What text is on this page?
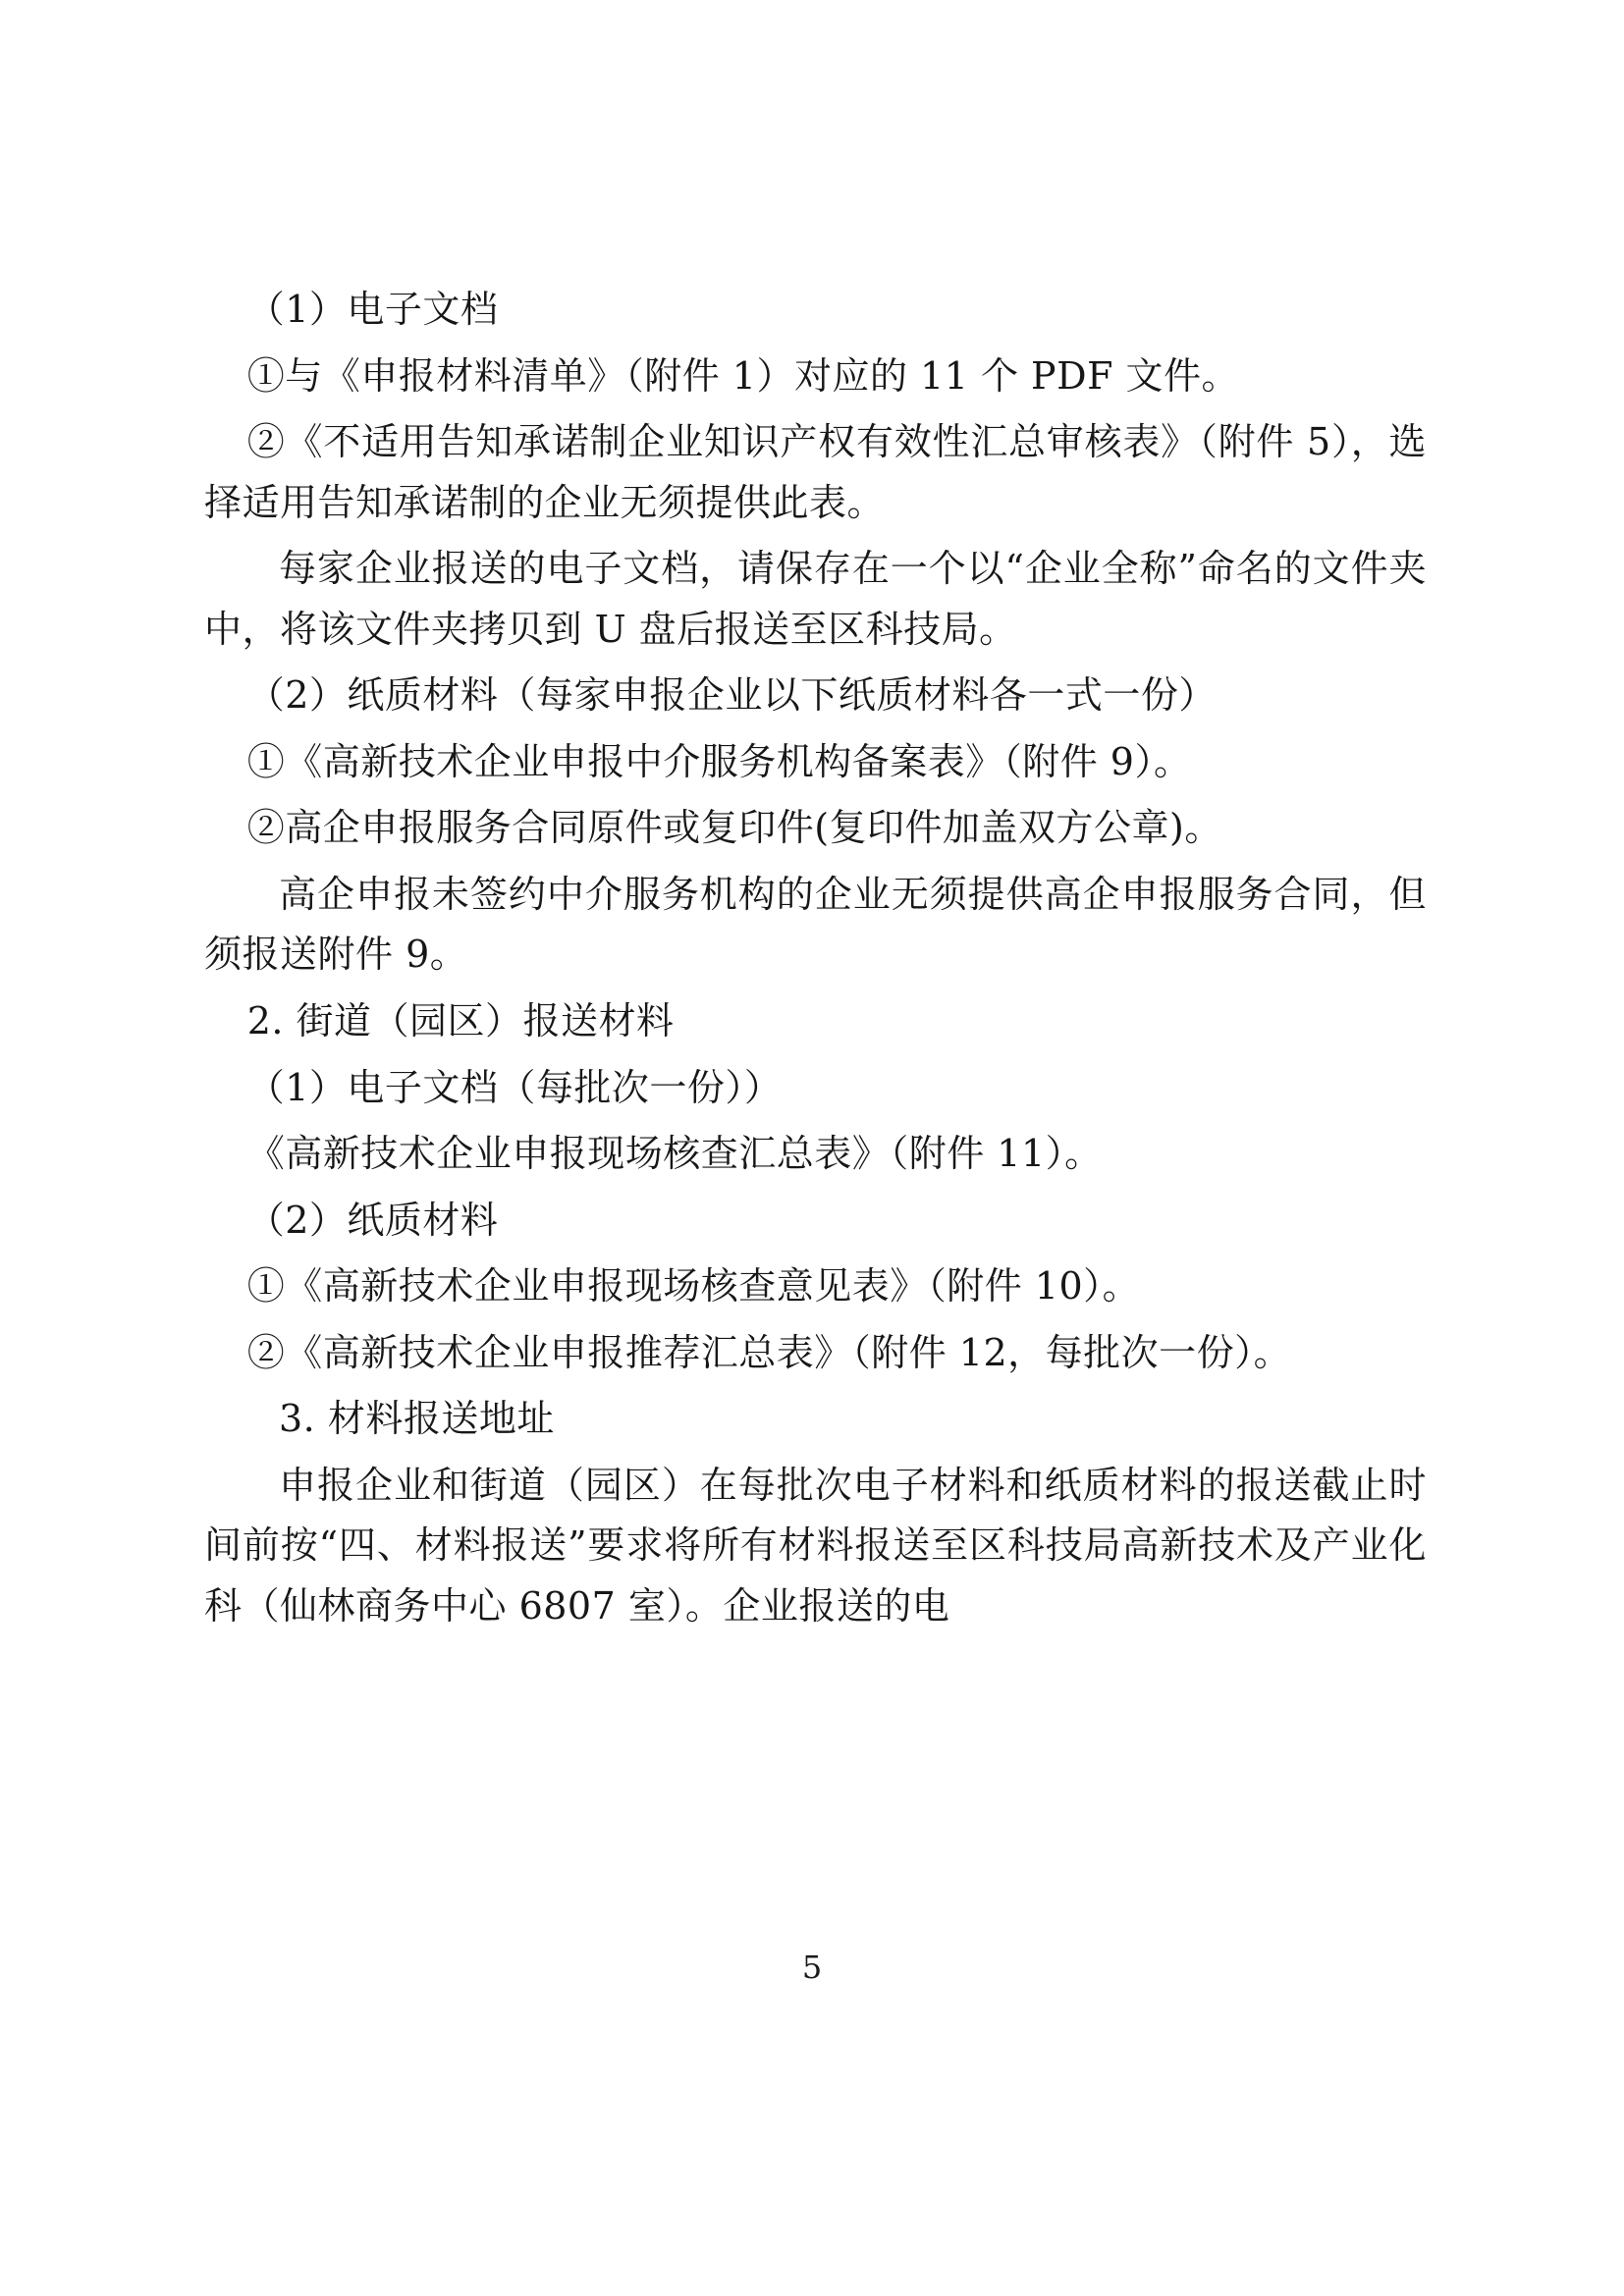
（1）电子文档

①与《申报材料清单》（附件 1）对应的 11 个 PDF 文件。

②《不适用告知承诺制企业知识产权有效性汇总审核表》（附件 5），选择适用告知承诺制的企业无须提供此表。

每家企业报送的电子文档，请保存在一个以“企业全称”命名的文件夹中，将该文件夹拷贝到 U 盘后报送至区科技局。

（2）纸质材料（每家申报企业以下纸质材料各一式一份）

①《高新技术企业申报中介服务机构备案表》（附件 9）。

②高企申报服务合同原件或复印件(复印件加盖双方公章)。

高企申报未签约中介服务机构的企业无须提供高企申报服务合同，但须报送附件 9。

2. 街道（园区）报送材料

（1）电子文档（每批次一份））

《高新技术企业申报现场核查汇总表》（附件 11）。

（2）纸质材料

①《高新技术企业申报现场核查意见表》（附件 10）。

②《高新技术企业申报推荐汇总表》（附件 12，每批次一份）。

3. 材料报送地址

申报企业和街道（园区）在每批次电子材料和纸质材料的报送截止时间前按“四、材料报送”要求将所有材料报送至区科技局高新技术及产业化科（仙林商务中心 6807 室）。企业报送的电

5
